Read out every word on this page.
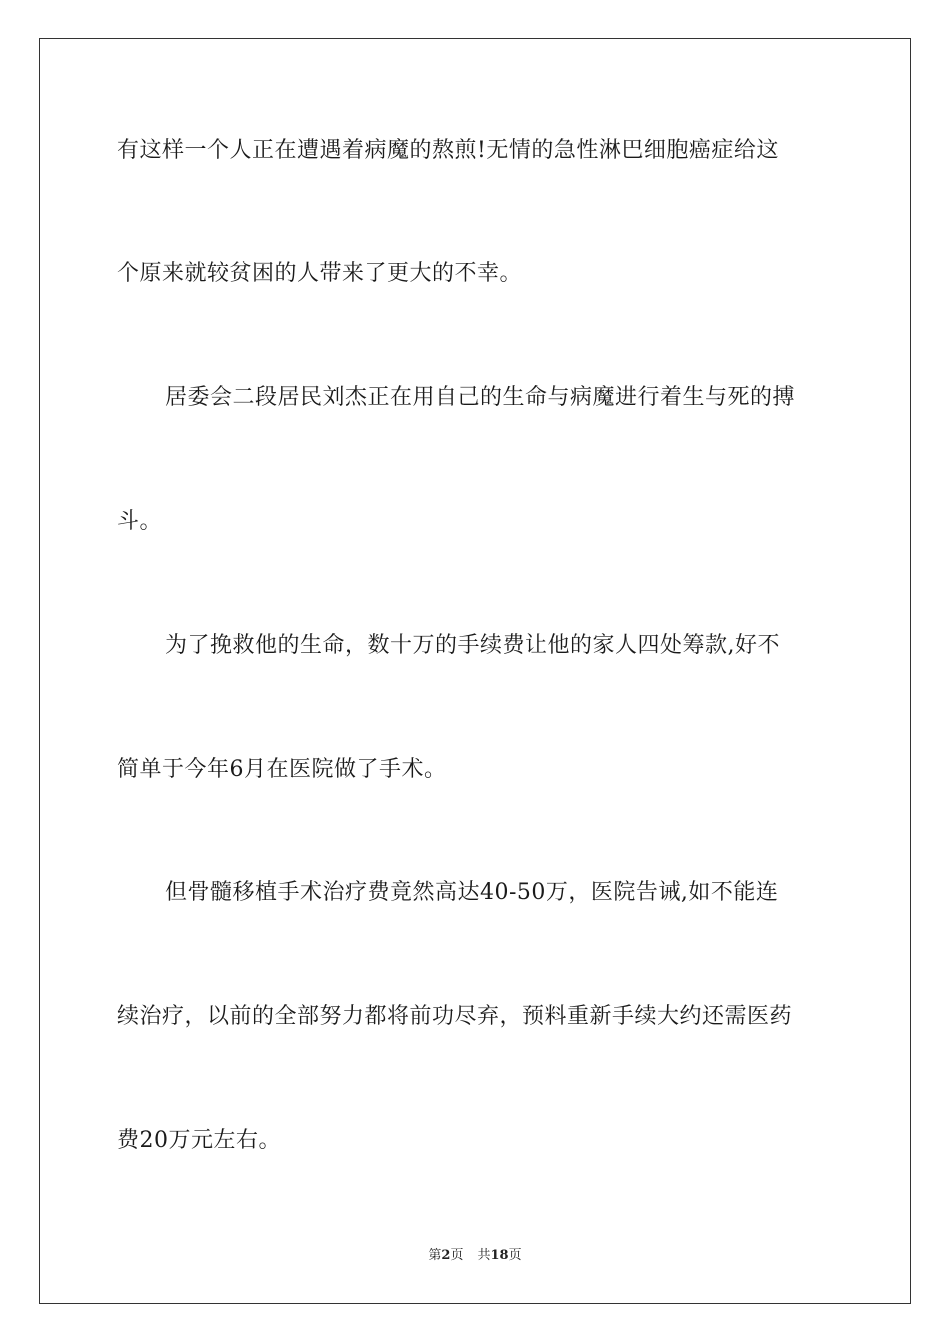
有这样一个人正在遭遇着病魔的熬煎!无情的急性淋巴细胞癌症给这
个原来就较贫困的人带来了更大的不幸。
居委会二段居民刘杰正在用自己的生命与病魔进行着生与死的搏
斗。
为了挽救他的生命，数十万的手续费让他的家人四处筹款,好不
简单于今年6月在医院做了手术。
但骨髓移植手术治疗费竟然高达40-50万，医院告诫,如不能连
续治疗，以前的全部努力都将前功尽弃，预料重新手续大约还需医药
费20万元左右。
第2页 共18页
